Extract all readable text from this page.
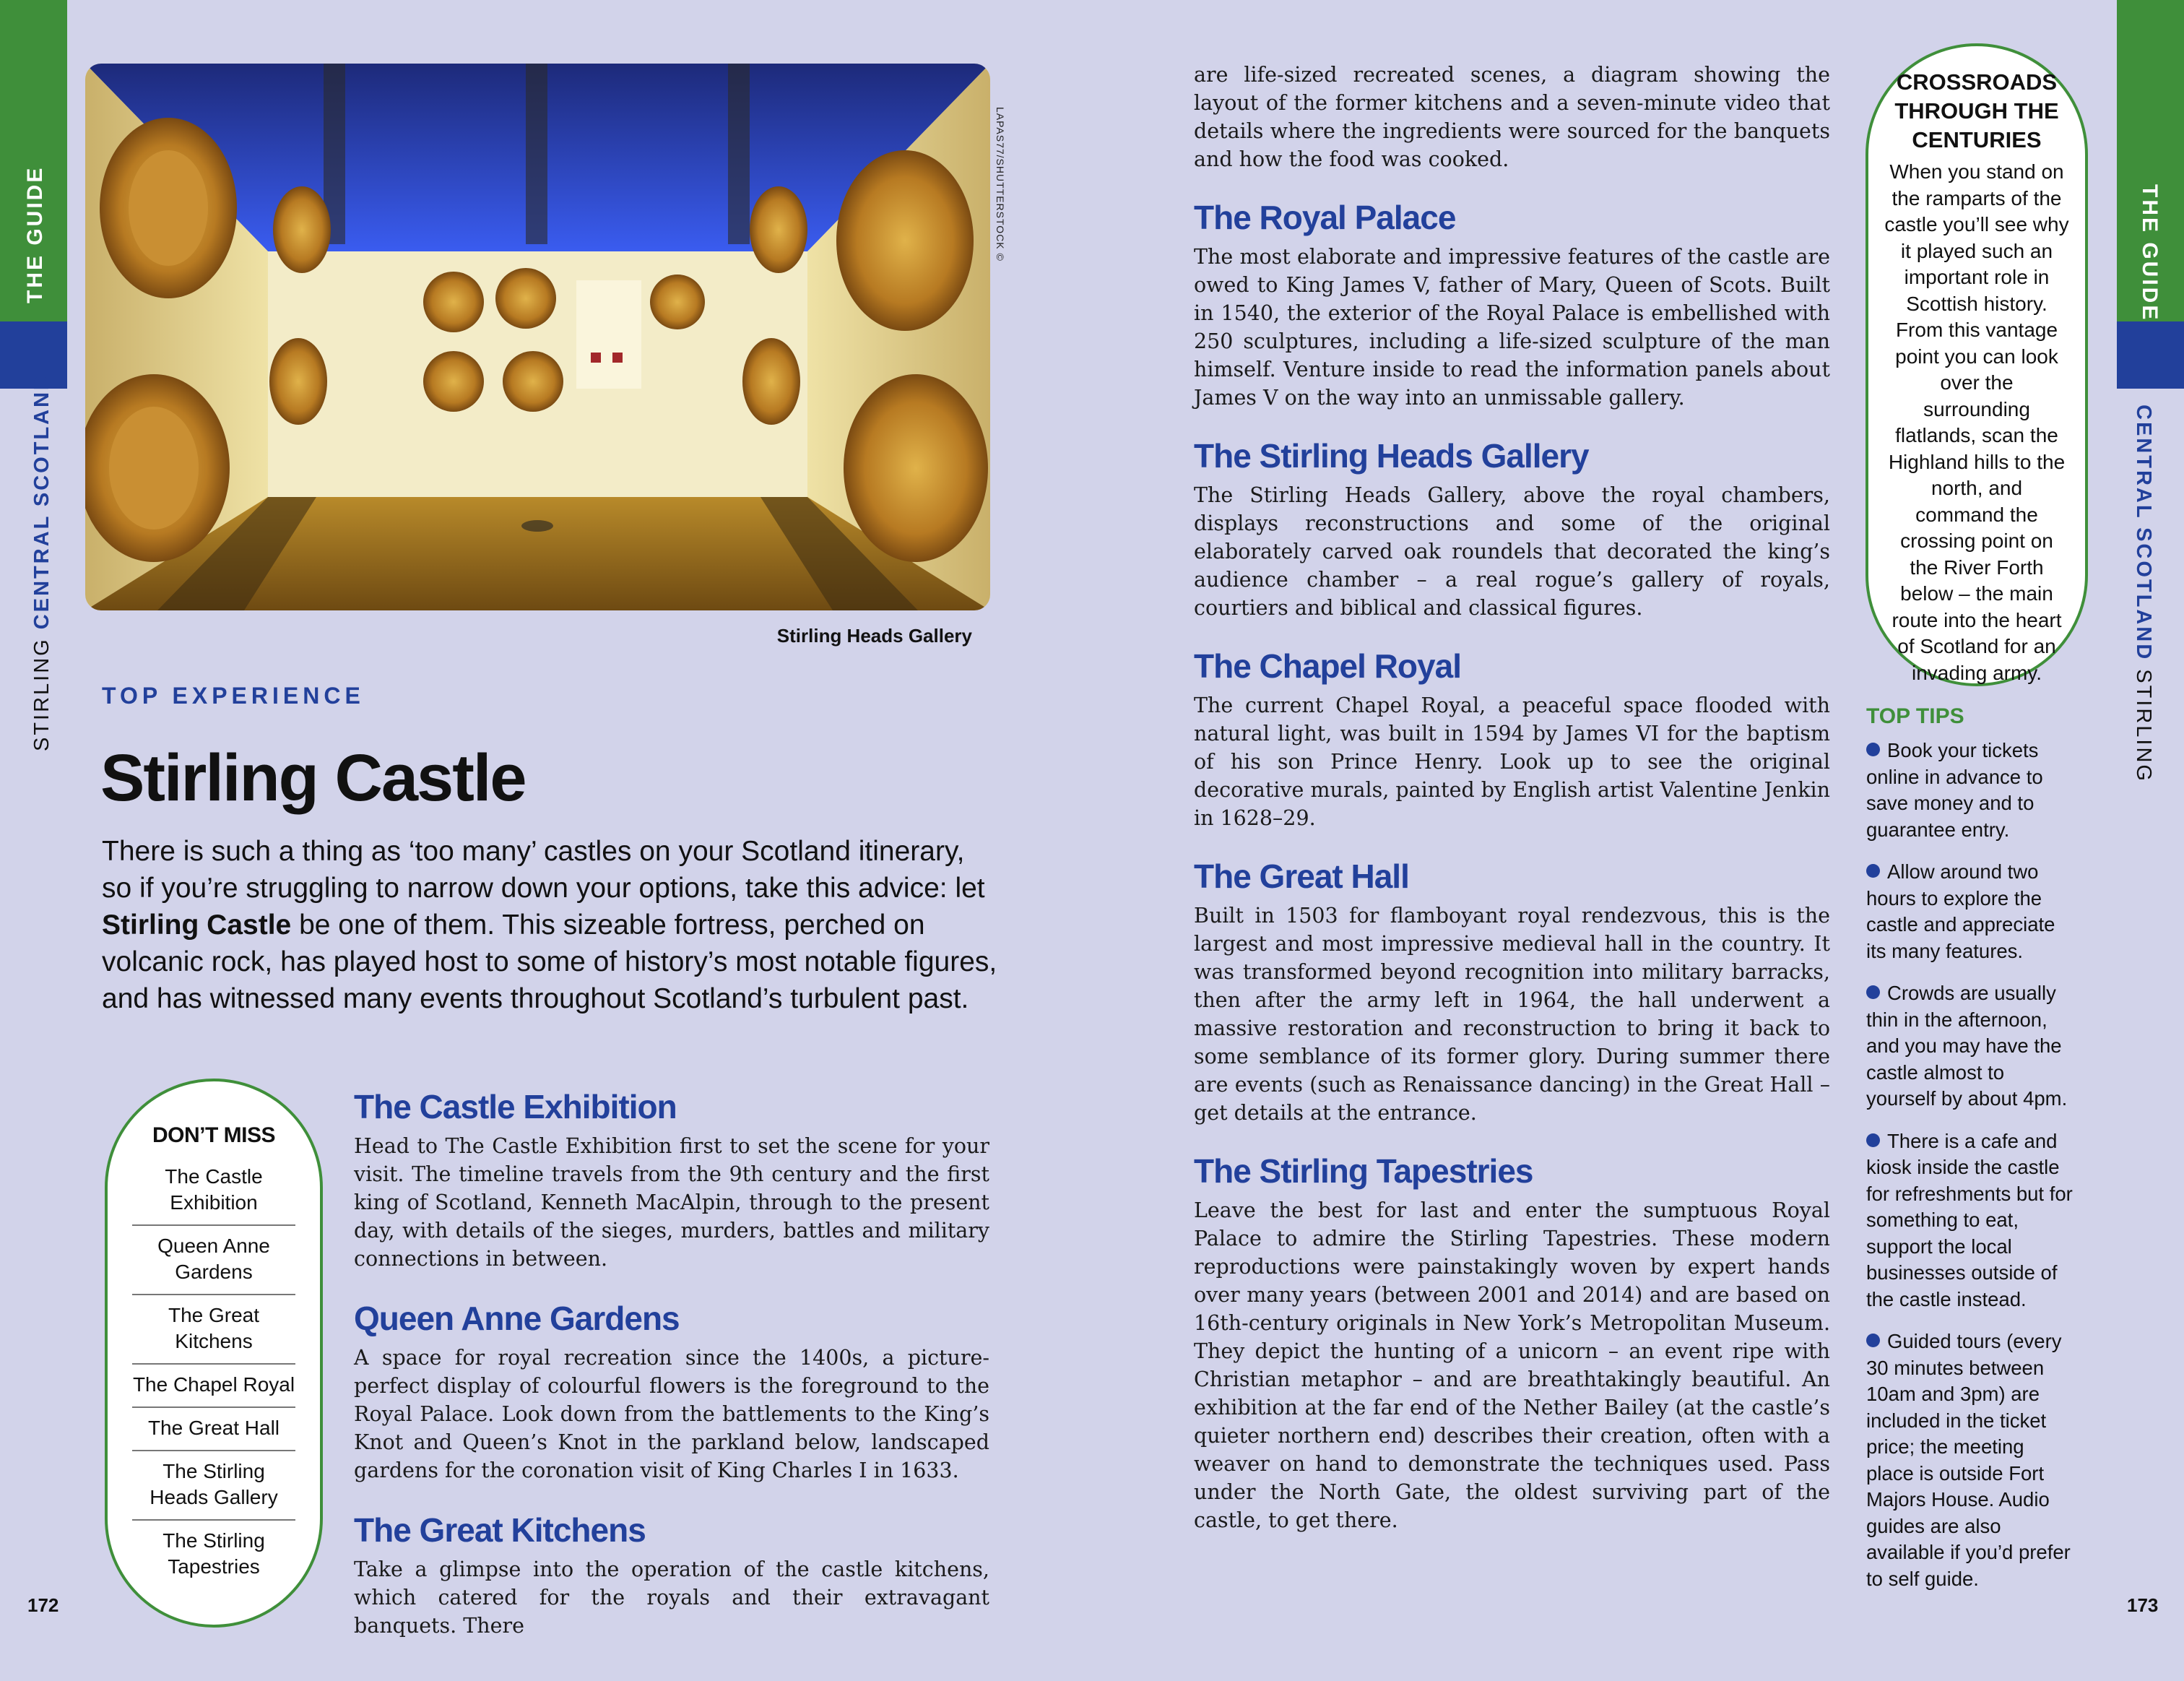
THE GUIDE
STIRLING CENTRAL SCOTLAND
172
THE GUIDE
CENTRAL SCOTLAND STIRLING
173
LAPAS77/SHUTTERSTOCK ©
Stirling Heads Gallery
TOP EXPERIENCE
Stirling Castle
There is such a thing as ‘too many’ castles on your Scotland itinerary, so if you’re struggling to narrow down your options, take this advice: let Stirling Castle be one of them. This sizeable fortress, perched on volcanic rock, has played host to some of history’s most notable figures, and has witnessed many events throughout Scotland’s turbulent past.
DON’T MISS
The Castle Exhibition
Queen Anne Gardens
The Great Kitchens
The Chapel Royal
The Great Hall
The Stirling Heads Gallery
The Stirling Tapestries
The Castle Exhibition

Head to The Castle Exhibition first to set the scene for your visit. The timeline travels from the 9th century and the first king of Scotland, Kenneth MacAlpin, through to the present day, with details of the sieges, murders, battles and military connections in between.

Queen Anne Gardens

A space for royal recreation since the 1400s, a picture-perfect display of colourful flowers is the foreground to the Royal Palace. Look down from the battlements to the King’s Knot and Queen’s Knot in the parkland below, landscaped gardens for the coronation visit of King Charles I in 1633.

The Great Kitchens

Take a glimpse into the operation of the castle kitchens, which catered for the royals and their extravagant banquets. There

are life-sized recreated scenes, a diagram showing the layout of the former kitchens and a seven-minute video that details where the ingredients were sourced for the banquets and how the food was cooked.

The Royal Palace

The most elaborate and impressive features of the castle are owed to King James V, father of Mary, Queen of Scots. Built in 1540, the exterior of the Royal Palace is embellished with 250 sculptures, including a life-sized sculpture of the man himself. Venture inside to read the information panels about James V on the way into an unmissable gallery.

The Stirling Heads Gallery

The Stirling Heads Gallery, above the royal chambers, displays reconstructions and some of the original elaborately carved oak roundels that decorated the king’s audience chamber – a real rogue’s gallery of royals, courtiers and biblical and classical figures.

The Chapel Royal

The current Chapel Royal, a peaceful space flooded with natural light, was built in 1594 by James VI for the baptism of his son Prince Henry. Look up to see the original decorative murals, painted by English artist Valentine Jenkin in 1628–29.

The Great Hall

Built in 1503 for flamboyant royal rendezvous, this is the largest and most impressive medieval hall in the country. It was transformed beyond recognition into military barracks, then after the army left in 1964, the hall underwent a massive restoration and reconstruction to bring it back to some semblance of its former glory. During summer there are events (such as Renaissance dancing) in the Great Hall – get details at the entrance.

The Stirling Tapestries

Leave the best for last and enter the sumptuous Royal Palace to admire the Stirling Tapestries. These modern reproductions were painstakingly woven by expert hands over many years (between 2001 and 2014) and are based on 16th-century originals in New York’s Metropolitan Museum. They depict the hunting of a unicorn – an event ripe with Christian metaphor – and are breathtakingly beautiful. An exhibition at the far end of the Nether Bailey (at the castle’s quieter northern end) describes their creation, often with a weaver on hand to demonstrate the techniques used. Pass under the North Gate, the oldest surviving part of the castle, to get there.

CROSSROADS THROUGH THE CENTURIES
When you stand on the ramparts of the castle you’ll see why it played such an important role in Scottish history. From this vantage point you can look over the surrounding flatlands, scan the Highland hills to the north, and command the crossing point on the River Forth below – the main route into the heart of Scotland for an invading army.
TOP TIPS
Book your tickets online in advance to save money and to guarantee entry.
Allow around two hours to explore the castle and appreciate its many features.
Crowds are usually thin in the afternoon, and you may have the castle almost to yourself by about 4pm.
There is a cafe and kiosk inside the castle for refreshments but for something to eat, support the local businesses outside of the castle instead.
Guided tours (every 30 minutes between 10am and 3pm) are included in the ticket price; the meeting place is outside Fort Majors House. Audio guides are also available if you’d prefer to self guide.
